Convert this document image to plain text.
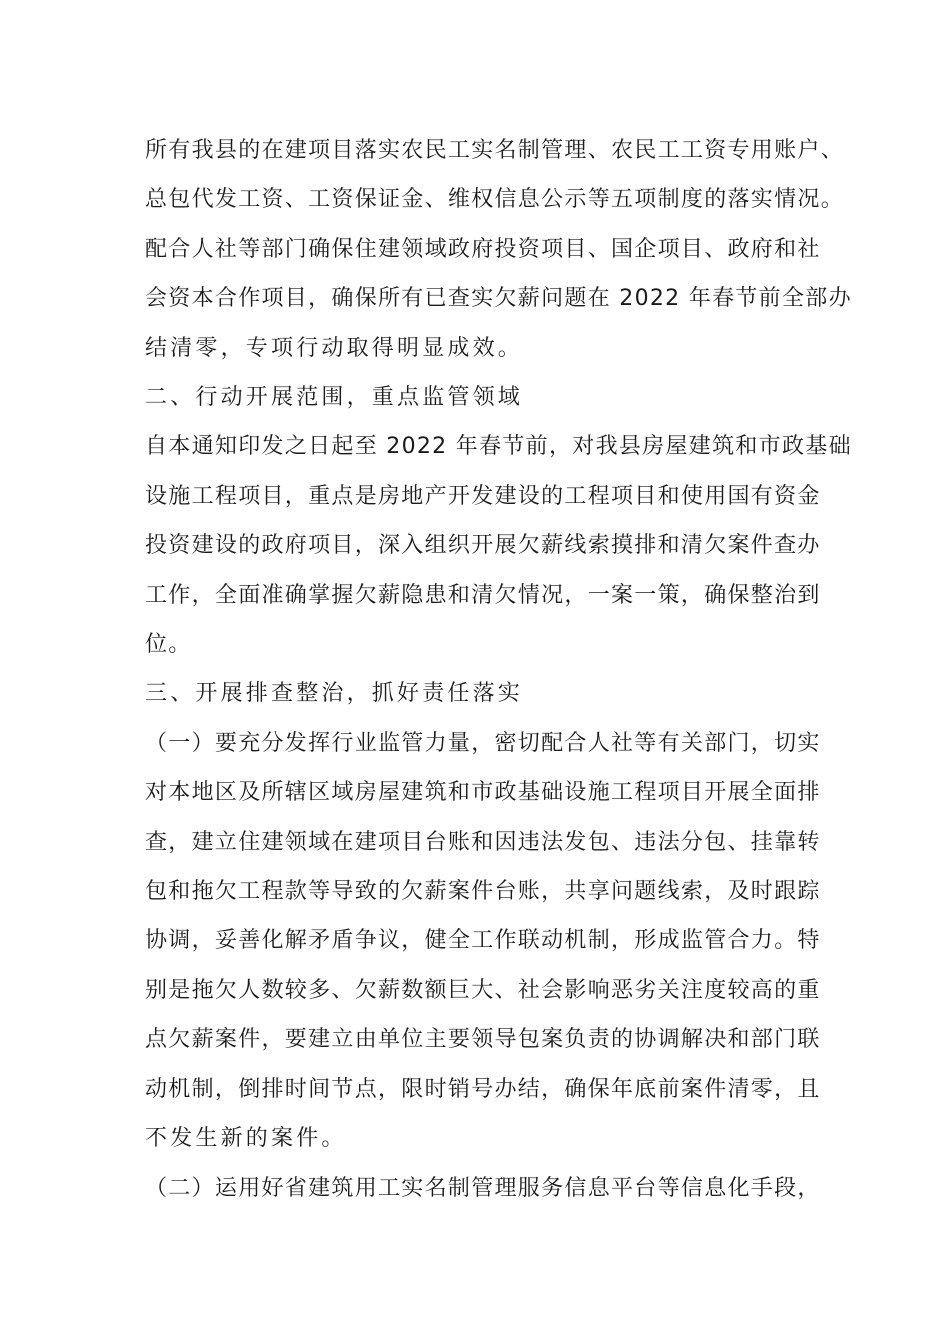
所有我县的在建项目落实农民工实名制管理、农民工工资专用账户、
总包代发工资、工资保证金、维权信息公示等五项制度的落实情况。
配合人社等部门确保住建领域政府投资项目、国企项目、政府和社
会资本合作项目，确保所有已查实欠薪问题在 2022 年春节前全部办
结清零，专项行动取得明显成效。
二、行动开展范围，重点监管领域
自本通知印发之日起至 2022 年春节前，对我县房屋建筑和市政基础
设施工程项目，重点是房地产开发建设的工程项目和使用国有资金
投资建设的政府项目，深入组织开展欠薪线索摸排和清欠案件查办
工作，全面准确掌握欠薪隐患和清欠情况，一案一策，确保整治到
位。
三、开展排查整治，抓好责任落实
（一）要充分发挥行业监管力量，密切配合人社等有关部门，切实
对本地区及所辖区域房屋建筑和市政基础设施工程项目开展全面排
查，建立住建领域在建项目台账和因违法发包、违法分包、挂靠转
包和拖欠工程款等导致的欠薪案件台账，共享问题线索，及时跟踪
协调，妥善化解矛盾争议，健全工作联动机制，形成监管合力。特
别是拖欠人数较多、欠薪数额巨大、社会影响恶劣关注度较高的重
点欠薪案件，要建立由单位主要领导包案负责的协调解决和部门联
动机制，倒排时间节点，限时销号办结，确保年底前案件清零，且
不发生新的案件。
（二）运用好省建筑用工实名制管理服务信息平台等信息化手段，
